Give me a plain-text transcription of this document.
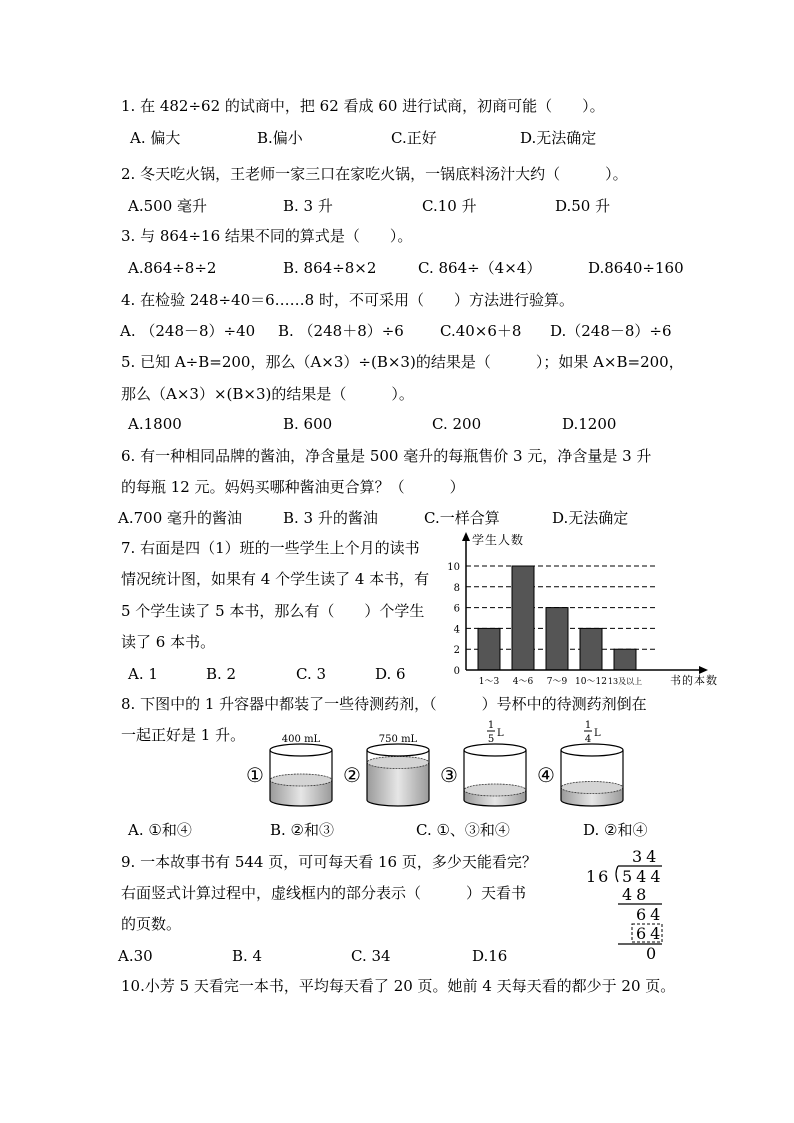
1. 在 482÷62 的试商中，把 62 看成 60 进行试商，初商可能（　　）。
A. 偏大	B.偏小	C.正好	D.无法确定
2. 冬天吃火锅，王老师一家三口在家吃火锅，一锅底料汤汁大约（　　　）。
A.500 毫升	B. 3 升	C.10 升	D.50 升
3. 与 864÷16 结果不同的算式是（　　）。
A.864÷8÷2	B. 864÷8×2	C. 864÷（4×4）	D.8640÷160
4. 在检验 248÷40＝6……8 时，不可采用（　　）方法进行验算。
A. （248－8）÷40 B. （248＋8）÷6 C.40×6＋8 D.（248－8）÷6
5. 已知 A÷B=200，那么（A×3）÷(B×3)的结果是（　　　）；如果 A×B=200，
那么（A×3）×(B×3)的结果是（　　　）。
A.1800	B. 600	C. 200	D.1200
6. 有一种相同品牌的酱油，净含量是 500 毫升的每瓶售价 3 元，净含量是 3 升
的每瓶 12 元。妈妈买哪种酱油更合算？（　　　）
A.700 毫升的酱油	B. 3 升的酱油	C.一样合算	D.无法确定
7. 右面是四（1）班的一些学生上个月的读书
情况统计图，如果有 4 个学生读了 4 本书，有
5 个学生读了 5 本书，那么有（　　）个学生
读了 6 本书。
A. 1	B. 2	C. 3	D. 6	0
2
4
6
8
10
1～3 4～6 7～9 10～12 13及以上
学生人数
书的本数
8. 下图中的 1 升容器中都装了一些待测药剂，（　　　）号杯中的待测药剂倒在
一起正好是 1 升。
①
400 mL
②
750 mL
③
1
5
L
④
1
4
L
A. ①和④	B. ②和③	C. ①、③和④	D. ②和④
9. 一本故事书有 544 页，可可每天看 16 页，多少天能看完？
右面竖式计算过程中，虚线框内的部分表示（　　　）天看书
的页数。
A.30	B. 4	C. 34	D.16
34
16 544
48
64
64
0
10.小芳 5 天看完一本书，平均每天看了 20 页。她前 4 天每天看的都少于 20 页。
